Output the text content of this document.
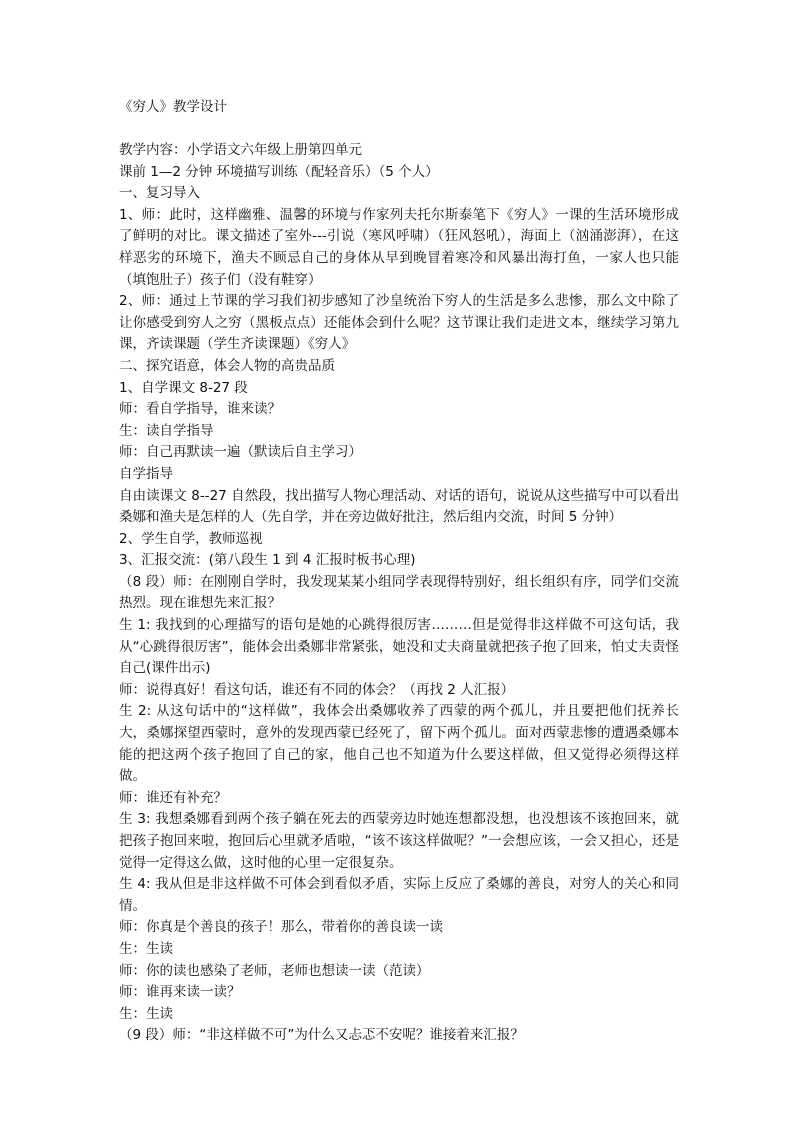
《穷人》教学设计

教学内容：小学语文六年级上册第四单元

课前 1—2 分钟 环境描写训练（配轻音乐）（5 个人）

一、复习导入

1、师：此时，这样幽雅、温馨的环境与作家列夫托尔斯泰笔下《穷人》一课的生活环境形成了鲜明的对比。课文描述了室外---引说（寒风呼啸）（狂风怒吼），海面上（汹涌澎湃），在这样恶劣的环境下，渔夫不顾忌自己的身体从早到晚冒着寒冷和风暴出海打鱼，一家人也只能（填饱肚子）孩子们（没有鞋穿）

2、师：通过上节课的学习我们初步感知了沙皇统治下穷人的生活是多么悲惨，那么文中除了让你感受到穷人之穷（黑板点点）还能体会到什么呢？这节课让我们走进文本，继续学习第九课，齐读课题（学生齐读课题）《穷人》

二、探究语意，体会人物的高贵品质

1、自学课文 8-27 段

师：看自学指导，谁来读？

生：读自学指导

师：自己再默读一遍（默读后自主学习）

自学指导

自由读课文 8--27 自然段，找出描写人物心理活动、对话的语句，说说从这些描写中可以看出桑娜和渔夫是怎样的人（先自学，并在旁边做好批注，然后组内交流，时间 5 分钟）

2、学生自学，教师巡视

3、汇报交流：(第八段生 1 到 4 汇报时板书心理)

（8 段）师：在刚刚自学时，我发现某某小组同学表现得特别好，组长组织有序，同学们交流热烈。现在谁想先来汇报？

生 1: 我找到的心理描写的语句是她的心跳得很厉害………但是觉得非这样做不可这句话，我从“心跳得很厉害”，能体会出桑娜非常紧张，她没和丈夫商量就把孩子抱了回来，怕丈夫责怪自己(课件出示)

师：说得真好！看这句话，谁还有不同的体会？（再找 2 人汇报）

生 2: 从这句话中的“这样做”，我体会出桑娜收养了西蒙的两个孤儿，并且要把他们抚养长大，桑娜探望西蒙时，意外的发现西蒙已经死了，留下两个孤儿。面对西蒙悲惨的遭遇桑娜本能的把这两个孩子抱回了自己的家，他自己也不知道为什么要这样做，但又觉得必须得这样做。

师：谁还有补充？

生 3: 我想桑娜看到两个孩子躺在死去的西蒙旁边时她连想都没想，也没想该不该抱回来，就把孩子抱回来啦，抱回后心里就矛盾啦，“该不该这样做呢？”一会想应该，一会又担心，还是觉得一定得这么做，这时他的心里一定很复杂。

生 4: 我从但是非这样做不可体会到看似矛盾，实际上反应了桑娜的善良，对穷人的关心和同情。

师：你真是个善良的孩子！那么，带着你的善良读一读

生：生读

师：你的读也感染了老师，老师也想读一读（范读）

师：谁再来读一读？

生：生读

（9 段）师：“非这样做不可”为什么又忐忑不安呢？谁接着来汇报？
